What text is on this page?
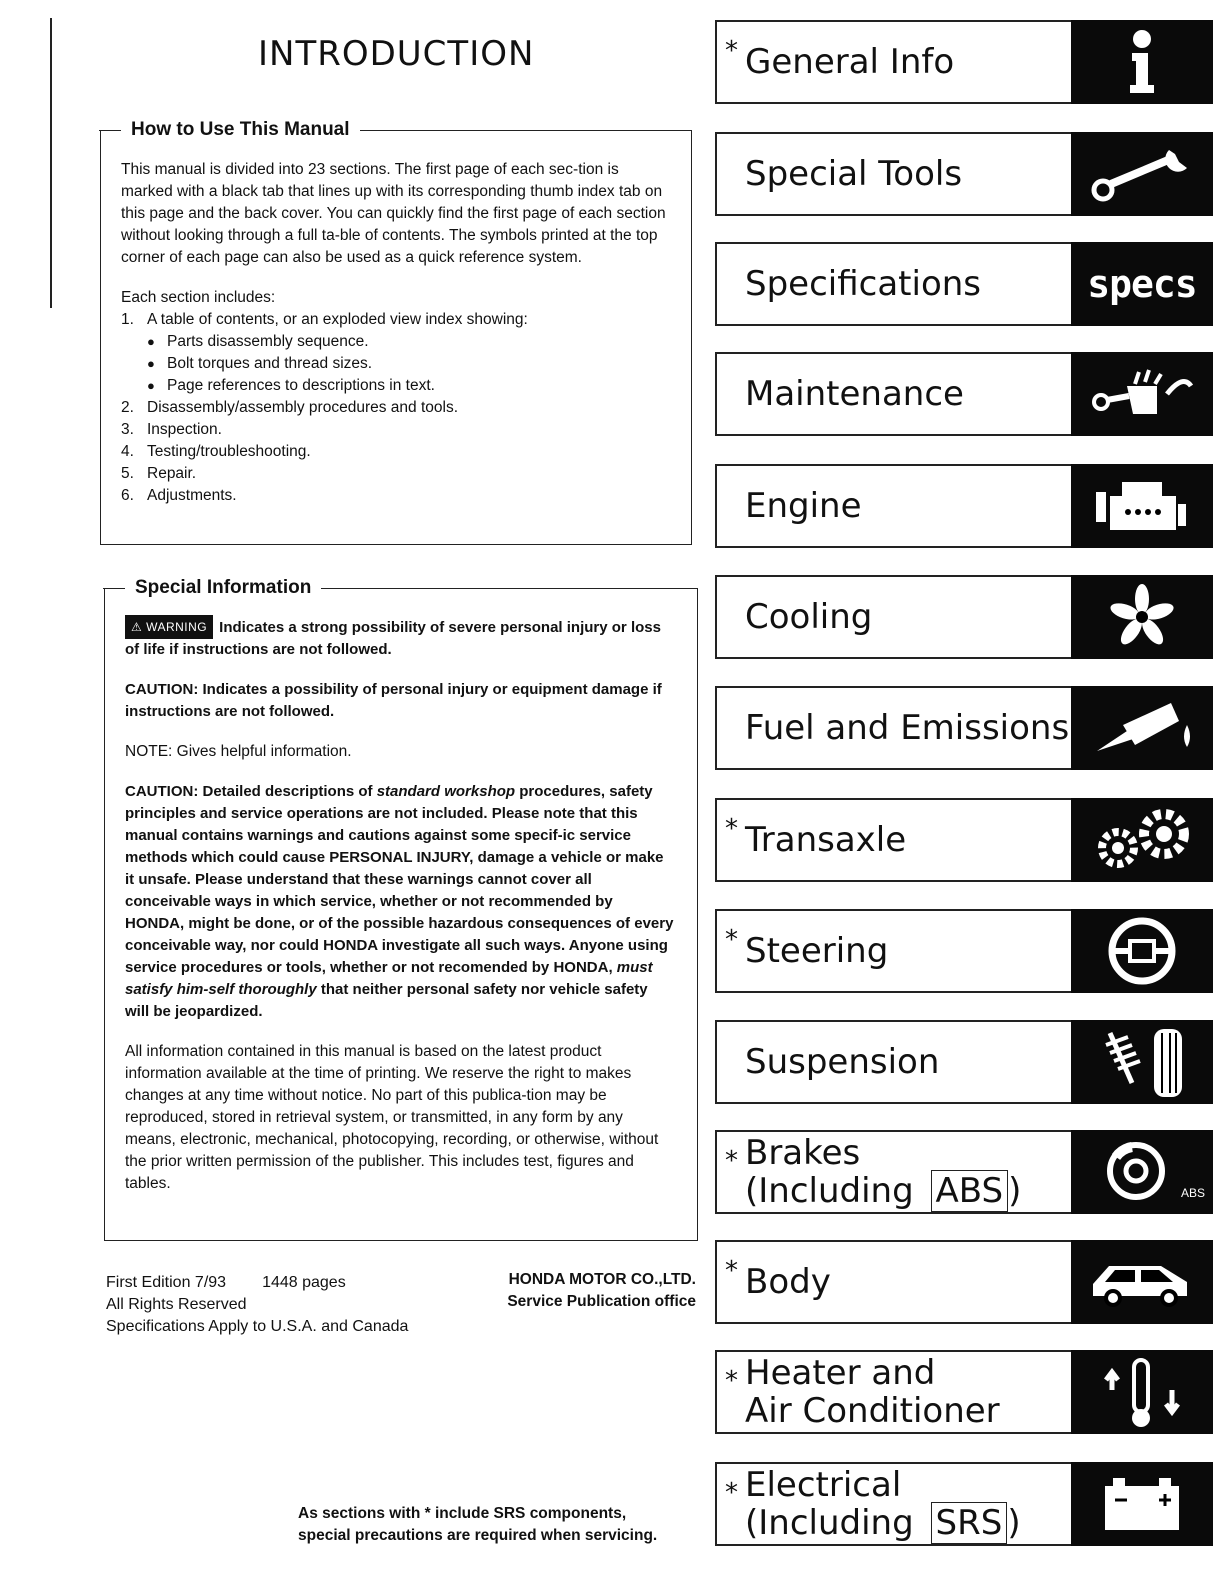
INTRODUCTION
How to Use This Manual

This manual is divided into 23 sections. The first page of each sec-tion is marked with a black tab that lines up with its corresponding thumb index tab on this page and the back cover. You can quickly find the first page of each section without looking through a full ta-ble of contents. The symbols printed at the top corner of each page can also be used as a quick reference system.

Each section includes:
1. A table of contents, or an exploded view index showing:
● Parts disassembly sequence.
● Bolt torques and thread sizes.
● Page references to descriptions in text.
2. Disassembly/assembly procedures and tools.
3. Inspection.
4. Testing/troubleshooting.
5. Repair.
6. Adjustments.
Special Information

⚠ WARNING Indicates a strong possibility of severe personal injury or loss of life if instructions are not followed.

CAUTION: Indicates a possibility of personal injury or equipment damage if instructions are not followed.

NOTE: Gives helpful information.

CAUTION: Detailed descriptions of standard workshop procedures, safety principles and service operations are not included. Please note that this manual contains warnings and cautions against some specif-ic service methods which could cause PERSONAL INJURY, damage a vehicle or make it unsafe. Please understand that these warnings cannot cover all conceivable ways in which service, whether or not recommended by HONDA, might be done, or of the possible hazardous consequences of every conceivable way, nor could HONDA investigate all such ways. Anyone using service procedures or tools, whether or not recomended by HONDA, must satisfy him-self thoroughly that neither personal safety nor vehicle safety will be jeopardized.

All information contained in this manual is based on the latest product information available at the time of printing. We reserve the right to makes changes at any time without notice. No part of this publica-tion may be reproduced, stored in retrieval system, or transmitted, in any form by any means, electronic, mechanical, photocopying, recording, or otherwise, without the prior written permission of the publisher. This includes test, figures and tables.

First Edition 7/93 1448 pages
All Rights Reserved
Specifications Apply to U.S.A. and Canada
HONDA MOTOR CO.,LTD.
Service Publication office
As sections with * include SRS components,
special precautions are required when servicing.
* General Info
Special Tools
Specifications	specs
Maintenance
Engine
Cooling
Fuel and Emissions
* Transaxle
* Steering
Suspension
* Brakes
(Including ABS )	ABS
* Body
* Heater and
Air Conditioner
* Electrical
(Including SRS )
